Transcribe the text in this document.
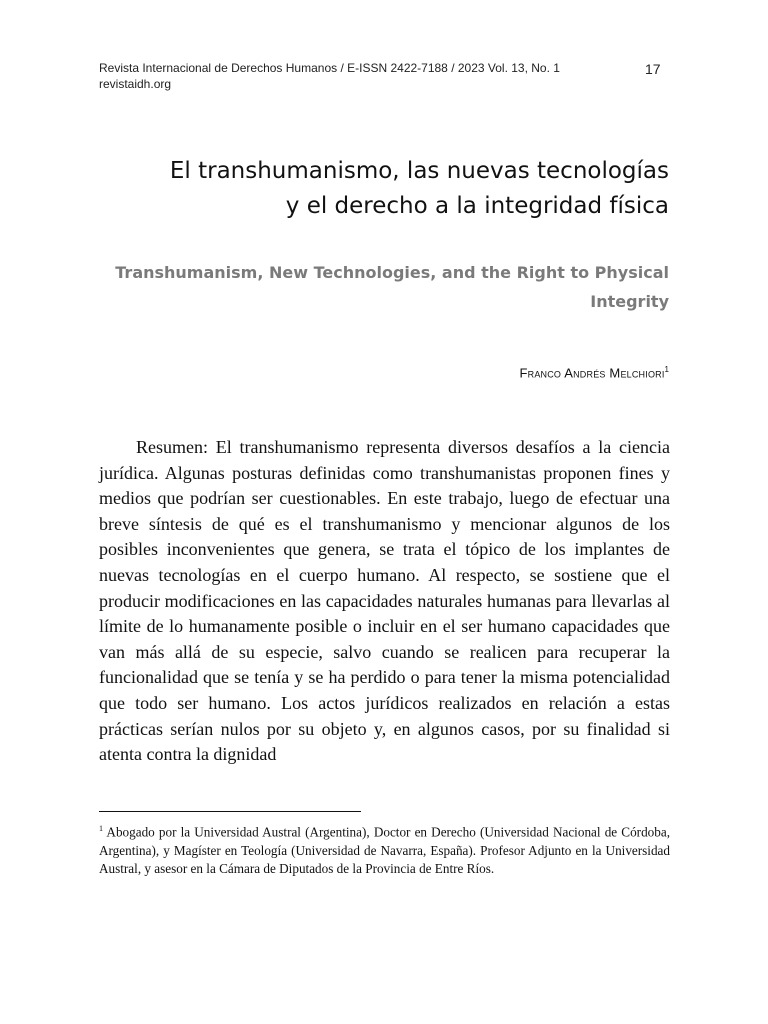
Revista Internacional de Derechos Humanos / E-ISSN 2422-7188 / 2023 Vol. 13, No. 1
revistaidh.org
17
El transhumanismo, las nuevas tecnologías
y el derecho a la integridad física
Transhumanism, New Technologies, and the Right to Physical
Integrity
Franco Andrés Melchiori$^1$

Resumen: El transhumanismo representa diversos desafíos a la ciencia jurídica. Algunas posturas definidas como transhumanistas proponen fines y medios que podrían ser cuestionables. En este trabajo, luego de efectuar una breve síntesis de qué es el transhumanismo y mencionar algunos de los posibles inconvenientes que genera, se trata el tópico de los implantes de nuevas tecnologías en el cuerpo humano. Al respecto, se sostiene que el producir modificaciones en las capacidades naturales humanas para llevarlas al límite de lo humanamente posible o incluir en el ser humano capacidades que van más allá de su especie, salvo cuando se realicen para recuperar la funcionalidad que se tenía y se ha perdido o para tener la misma potencialidad que todo ser humano. Los actos jurídicos realizados en relación a estas prácticas serían nulos por su objeto y, en algunos casos, por su finalidad si atenta contra la dignidad

$^1$ Abogado por la Universidad Austral (Argentina), Doctor en Derecho (Universidad Nacional de Córdoba, Argentina), y Magíster en Teología (Universidad de Navarra, España). Profesor Adjunto en la Universidad Austral, y asesor en la Cámara de Diputados de la Provincia de Entre Ríos.
